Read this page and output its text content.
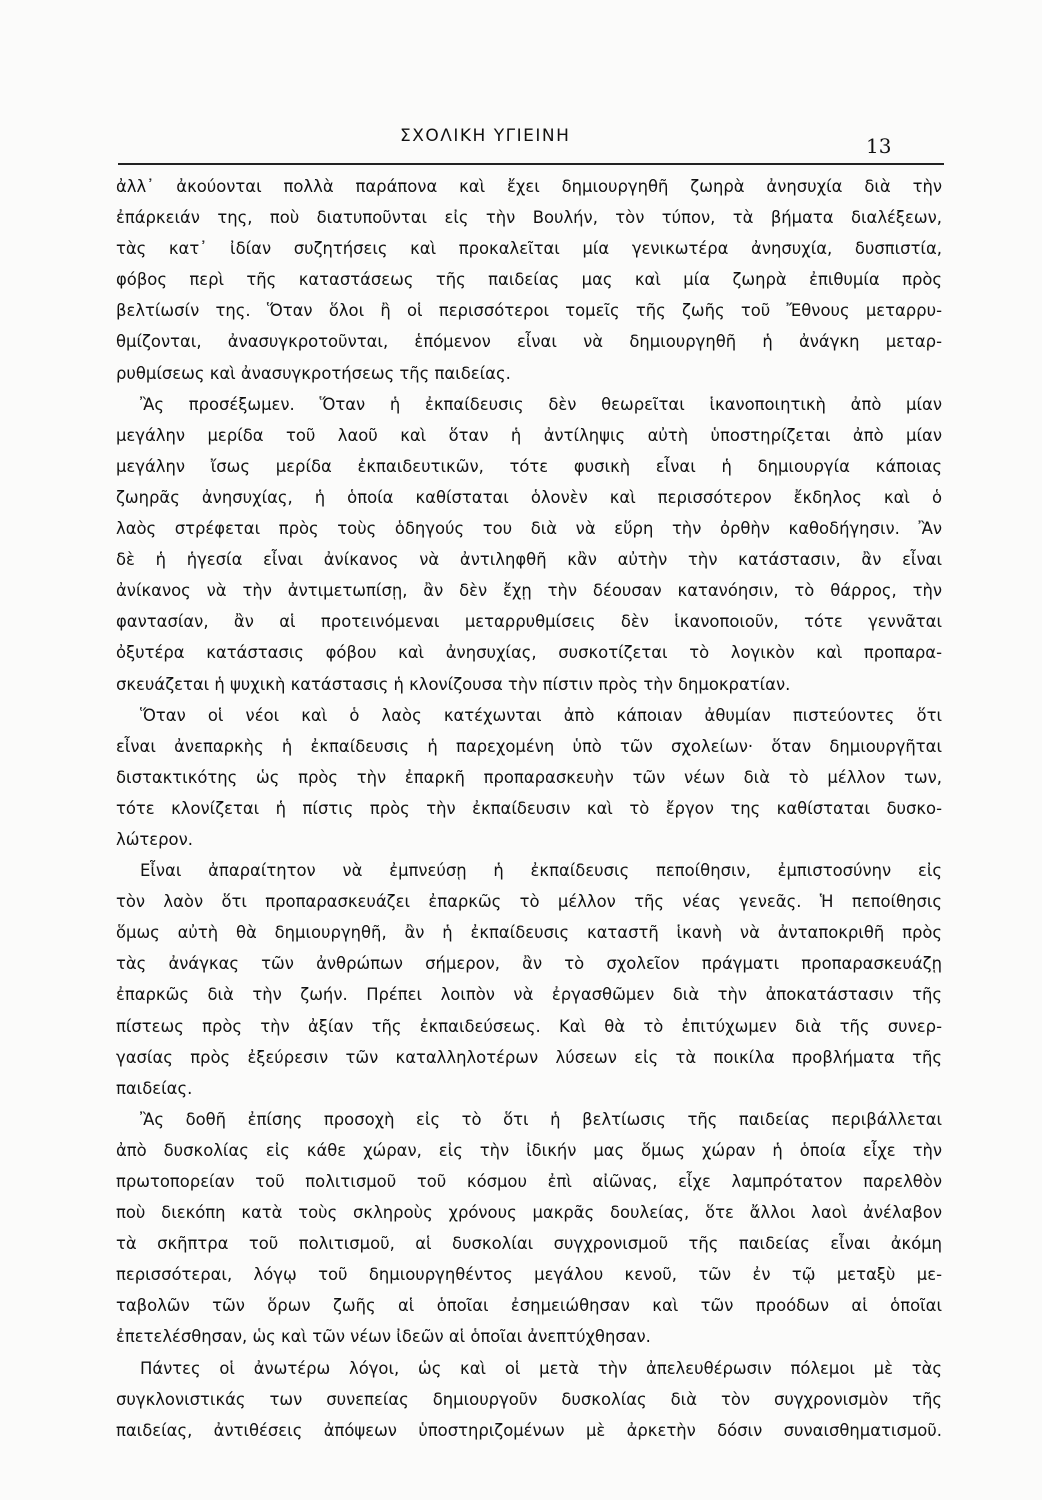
ΣΧΟΛΙΚΗ ΥΓΙΕΙΝΗ	13
ἀλλ᾽ ἀκούονται πολλὰ παράπονα καὶ ἔχει δημιουργηθῆ ζωηρὰ ἀνησυχία διὰ τὴν
ἐπάρκειάν της, ποὺ διατυποῦνται εἰς τὴν Βουλήν, τὸν τύπον, τὰ βήματα διαλέξεων,
τὰς κατ᾽ ἰδίαν συζητήσεις καὶ προκαλεῖται μία γενικωτέρα ἀνησυχία, δυσπιστία,
φόβος περὶ τῆς καταστάσεως τῆς παιδείας μας καὶ μία ζωηρὰ ἐπιθυμία πρὸς
βελτίωσίν της. Ὅταν ὅλοι ἢ οἱ περισσότεροι τομεῖς τῆς ζωῆς τοῦ Ἔθνους μεταρρυ-
θμίζονται, ἀνασυγκροτοῦνται, ἑπόμενον εἶναι νὰ δημιουργηθῆ ἡ ἀνάγκη μεταρ-
ρυθμίσεως καὶ ἀνασυγκροτήσεως τῆς παιδείας.
Ἂς προσέξωμεν. Ὅταν ἡ ἐκπαίδευσις δὲν θεωρεῖται ἱκανοποιητικὴ ἀπὸ μίαν
μεγάλην μερίδα τοῦ λαοῦ καὶ ὅταν ἡ ἀντίληψις αὐτὴ ὑποστηρίζεται ἀπὸ μίαν
μεγάλην ἴσως μερίδα ἐκπαιδευτικῶν, τότε φυσικὴ εἶναι ἡ δημιουργία κάποιας
ζωηρᾶς ἀνησυχίας, ἡ ὁποία καθίσταται ὁλονὲν καὶ περισσότερον ἔκδηλος καὶ ὁ
λαὸς στρέφεται πρὸς τοὺς ὁδηγούς του διὰ νὰ εὕρη τὴν ὀρθὴν καθοδήγησιν. Ἂν
δὲ ἡ ἡγεσία εἶναι ἀνίκανος νὰ ἀντιληφθῆ κἂν αὐτὴν τὴν κατάστασιν, ἂν εἶναι
ἀνίκανος νὰ τὴν ἀντιμετωπίσῃ, ἂν δὲν ἔχῃ τὴν δέουσαν κατανόησιν, τὸ θάρρος, τὴν
φαντασίαν, ἂν αἱ προτεινόμεναι μεταρρυθμίσεις δὲν ἱκανοποιοῦν, τότε γεννᾶται
ὀξυτέρα κατάστασις φόβου καὶ ἀνησυχίας, συσκοτίζεται τὸ λογικὸν καὶ προπαρα-
σκευάζεται ἡ ψυχικὴ κατάστασις ἡ κλονίζουσα τὴν πίστιν πρὸς τὴν δημοκρατίαν.
Ὅταν οἱ νέοι καὶ ὁ λαὸς κατέχωνται ἀπὸ κάποιαν ἀθυμίαν πιστεύοντες ὅτι
εἶναι ἀνεπαρκὴς ἡ ἐκπαίδευσις ἡ παρεχομένη ὑπὸ τῶν σχολείων· ὅταν δημιουργῆται
διστακτικότης ὡς πρὸς τὴν ἐπαρκῆ προπαρασκευὴν τῶν νέων διὰ τὸ μέλλον των,
τότε κλονίζεται ἡ πίστις πρὸς τὴν ἐκπαίδευσιν καὶ τὸ ἔργον της καθίσταται δυσκο-
λώτερον.
Εἶναι ἀπαραίτητον νὰ ἐμπνεύσῃ ἡ ἐκπαίδευσις πεποίθησιν, ἐμπιστοσύνην εἰς
τὸν λαὸν ὅτι προπαρασκευάζει ἐπαρκῶς τὸ μέλλον τῆς νέας γενεᾶς. Ἡ πεποίθησις
ὅμως αὐτὴ θὰ δημιουργηθῆ, ἂν ἡ ἐκπαίδευσις καταστῆ ἱκανὴ νὰ ἀνταποκριθῆ πρὸς
τὰς ἀνάγκας τῶν ἀνθρώπων σήμερον, ἂν τὸ σχολεῖον πράγματι προπαρασκευάζῃ
ἐπαρκῶς διὰ τὴν ζωήν. Πρέπει λοιπὸν νὰ ἐργασθῶμεν διὰ τὴν ἀποκατάστασιν τῆς
πίστεως πρὸς τὴν ἀξίαν τῆς ἐκπαιδεύσεως. Καὶ θὰ τὸ ἐπιτύχωμεν διὰ τῆς συνερ-
γασίας πρὸς ἐξεύρεσιν τῶν καταλληλοτέρων λύσεων εἰς τὰ ποικίλα προβλήματα τῆς
παιδείας.
Ἂς δοθῆ ἐπίσης προσοχὴ εἰς τὸ ὅτι ἡ βελτίωσις τῆς παιδείας περιβάλλεται
ἀπὸ δυσκολίας εἰς κάθε χώραν, εἰς τὴν ἰδικήν μας ὅμως χώραν ἡ ὁποία εἶχε τὴν
πρωτοπορείαν τοῦ πολιτισμοῦ τοῦ κόσμου ἐπὶ αἰῶνας, εἶχε λαμπρότατον παρελθὸν
ποὺ διεκόπη κατὰ τοὺς σκληροὺς χρόνους μακρᾶς δουλείας, ὅτε ἄλλοι λαοὶ ἀνέλαβον
τὰ σκῆπτρα τοῦ πολιτισμοῦ, αἱ δυσκολίαι συγχρονισμοῦ τῆς παιδείας εἶναι ἀκόμη
περισσότεραι, λόγῳ τοῦ δημιουργηθέντος μεγάλου κενοῦ, τῶν ἐν τῷ μεταξὺ με-
ταβολῶν τῶν ὅρων ζωῆς αἱ ὁποῖαι ἐσημειώθησαν καὶ τῶν προόδων αἱ ὁποῖαι
ἐπετελέσθησαν, ὡς καὶ τῶν νέων ἰδεῶν αἱ ὁποῖαι ἀνεπτύχθησαν.
Πάντες οἱ ἀνωτέρω λόγοι, ὡς καὶ οἱ μετὰ τὴν ἀπελευθέρωσιν πόλεμοι μὲ τὰς
συγκλονιστικάς των συνεπείας δημιουργοῦν δυσκολίας διὰ τὸν συγχρονισμὸν τῆς
παιδείας, ἀντιθέσεις ἀπόψεων ὑποστηριζομένων μὲ ἀρκετὴν δόσιν συναισθηματισμοῦ.
